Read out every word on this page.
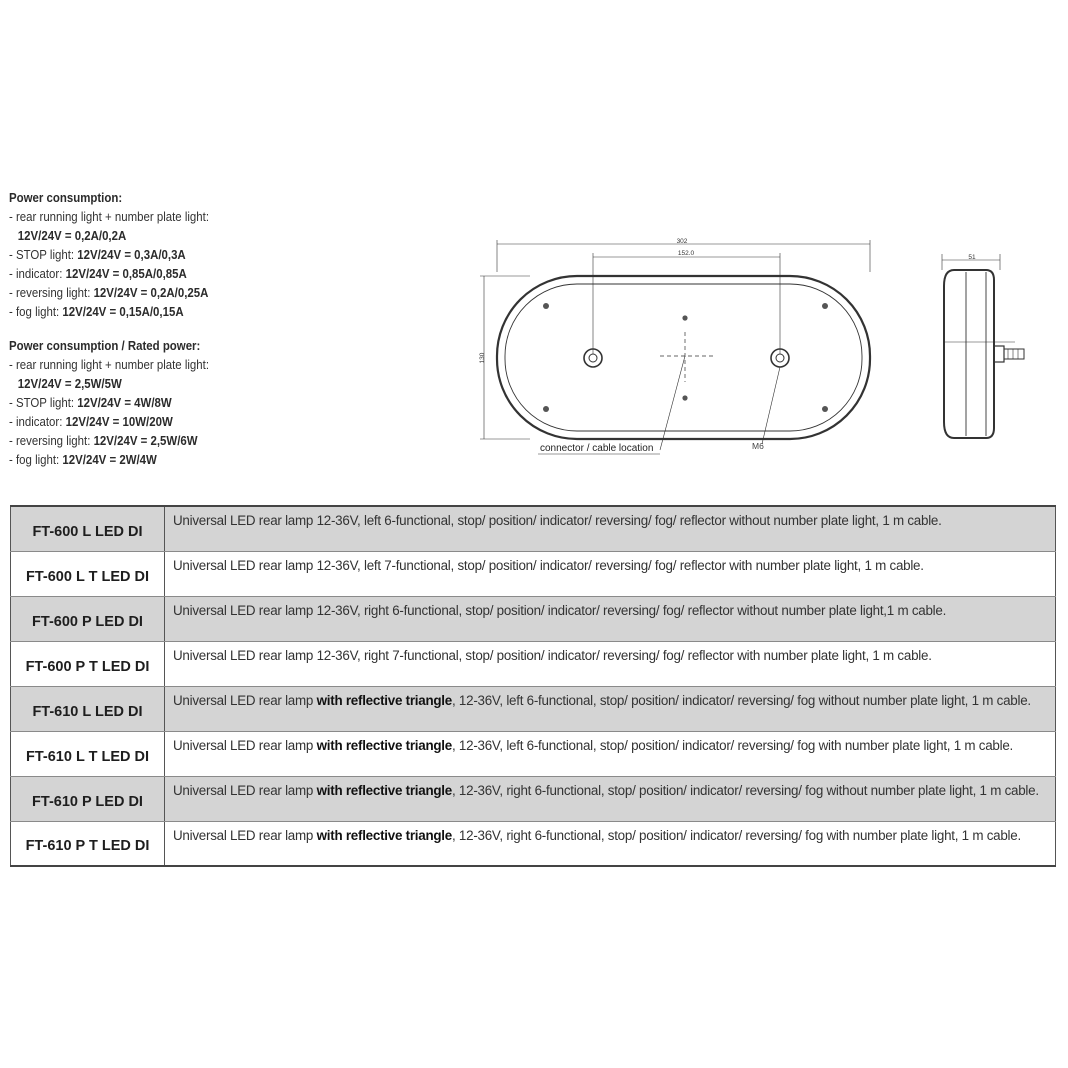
Power consumption:
- rear running light + number plate light:
12V/24V = 0,2A/0,2A
- STOP light: 12V/24V = 0,3A/0,3A
- indicator: 12V/24V = 0,85A/0,85A
- reversing light: 12V/24V = 0,2A/0,25A
- fog light: 12V/24V = 0,15A/0,15A
Power consumption / Rated power:
- rear running light + number plate light:
12V/24V = 2,5W/5W
- STOP light: 12V/24V = 4W/8W
- indicator: 12V/24V = 10W/20W
- reversing light: 12V/24V = 2,5W/6W
- fog light: 12V/24V = 2W/4W
302
152.0
130
51
connector / cable location	M6
FT-600 L LED DI	Universal LED rear lamp 12-36V, left 6-functional, stop/ position/ indicator/ reversing/ fog/ reflector without number plate light, 1 m cable.
FT-600 L T LED DI	Universal LED rear lamp 12-36V, left 7-functional, stop/ position/ indicator/ reversing/ fog/ reflector with number plate light, 1 m cable.
FT-600 P LED DI	Universal LED rear lamp 12-36V, right 6-functional, stop/ position/ indicator/ reversing/ fog/ reflector without number plate light,1 m cable.
FT-600 P T LED DI	Universal LED rear lamp 12-36V, right 7-functional, stop/ position/ indicator/ reversing/ fog/ reflector with number plate light, 1 m cable.
FT-610 L LED DI	Universal LED rear lamp with reflective triangle, 12-36V, left 6-functional, stop/ position/ indicator/ reversing/ fog without number plate light, 1 m cable.
FT-610 L T LED DI	Universal LED rear lamp with reflective triangle, 12-36V, left 6-functional, stop/ position/ indicator/ reversing/ fog with number plate light, 1 m cable.
FT-610 P LED DI	Universal LED rear lamp with reflective triangle, 12-36V, right 6-functional, stop/ position/ indicator/ reversing/ fog without number plate light, 1 m cable.
FT-610 P T LED DI	Universal LED rear lamp with reflective triangle, 12-36V, right 6-functional, stop/ position/ indicator/ reversing/ fog with number plate light, 1 m cable.
